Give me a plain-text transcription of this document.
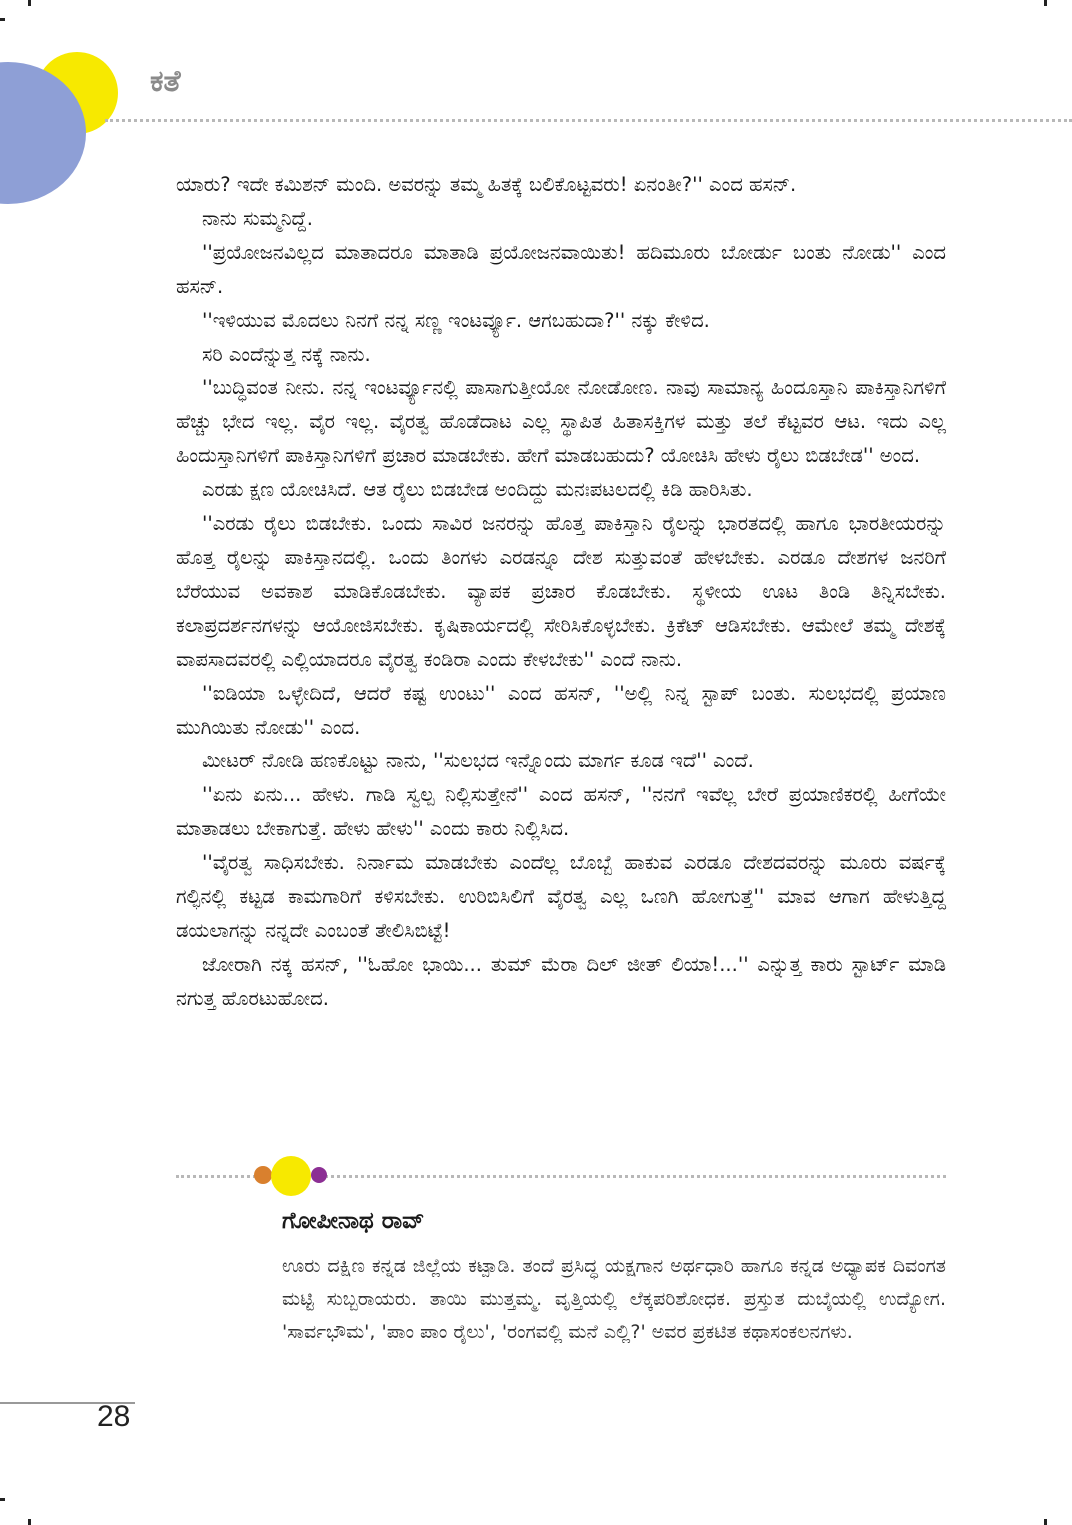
ಕತೆ

ಯಾರು? ಇದೇ ಕಮಿಶನ್ ಮಂದಿ. ಅವರನ್ನು ತಮ್ಮ ಹಿತಕ್ಕೆ ಬಲಿಕೊಟ್ಟವರು! ಏನಂತೀ?'' ಎಂದ ಹಸನ್.

ನಾನು ಸುಮ್ಮನಿದ್ದೆ.

''ಪ್ರಯೋಜನವಿಲ್ಲದ ಮಾತಾದರೂ ಮಾತಾಡಿ ಪ್ರಯೋಜನವಾಯಿತು! ಹದಿಮೂರು ಬೋರ್ಡು ಬಂತು ನೋಡು'' ಎಂದ ಹಸನ್.

''ಇಳಿಯುವ ಮೊದಲು ನಿನಗೆ ನನ್ನ ಸಣ್ಣ ಇಂಟರ್ವ್ಯೂ. ಆಗಬಹುದಾ?'' ನಕ್ಕು ಕೇಳಿದ.

ಸರಿ ಎಂದೆನ್ನುತ್ತ ನಕ್ಕೆ ನಾನು.

''ಬುದ್ಧಿವಂತ ನೀನು. ನನ್ನ ಇಂಟರ್ವ್ಯೂನಲ್ಲಿ ಪಾಸಾಗುತ್ತೀಯೋ ನೋಡೋಣ. ನಾವು ಸಾಮಾನ್ಯ ಹಿಂದೂಸ್ತಾನಿ ಪಾಕಿಸ್ತಾನಿಗಳಿಗೆ ಹೆಚ್ಚು ಭೇದ ಇಲ್ಲ. ವೈರ ಇಲ್ಲ. ವೈರತ್ವ ಹೊಡೆದಾಟ ಎಲ್ಲ ಸ್ಥಾಪಿತ ಹಿತಾಸಕ್ತಿಗಳ ಮತ್ತು ತಲೆ ಕೆಟ್ಟವರ ಆಟ. ಇದು ಎಲ್ಲ ಹಿಂದುಸ್ತಾನಿಗಳಿಗೆ ಪಾಕಿಸ್ತಾನಿಗಳಿಗೆ ಪ್ರಚಾರ ಮಾಡಬೇಕು. ಹೇಗೆ ಮಾಡಬಹುದು? ಯೋಚಿಸಿ ಹೇಳು ರೈಲು ಬಿಡಬೇಡ'' ಅಂದ.

ಎರಡು ಕ್ಷಣ ಯೋಚಿಸಿದೆ. ಆತ ರೈಲು ಬಿಡಬೇಡ ಅಂದಿದ್ದು ಮನಃಪಟಲದಲ್ಲಿ ಕಿಡಿ ಹಾರಿಸಿತು.

''ಎರಡು ರೈಲು ಬಿಡಬೇಕು. ಒಂದು ಸಾವಿರ ಜನರನ್ನು ಹೊತ್ತ ಪಾಕಿಸ್ತಾನಿ ರೈಲನ್ನು ಭಾರತದಲ್ಲಿ ಹಾಗೂ ಭಾರತೀಯರನ್ನು ಹೊತ್ತ ರೈಲನ್ನು ಪಾಕಿಸ್ತಾನದಲ್ಲಿ. ಒಂದು ತಿಂಗಳು ಎರಡನ್ನೂ ದೇಶ ಸುತ್ತುವಂತೆ ಹೇಳಬೇಕು. ಎರಡೂ ದೇಶಗಳ ಜನರಿಗೆ ಬೆರೆಯುವ ಅವಕಾಶ ಮಾಡಿಕೊಡಬೇಕು. ವ್ಯಾಪಕ ಪ್ರಚಾರ ಕೊಡಬೇಕು. ಸ್ಥಳೀಯ ಊಟ ತಿಂಡಿ ತಿನ್ನಿಸಬೇಕು. ಕಲಾಪ್ರದರ್ಶನಗಳನ್ನು ಆಯೋಜಿಸಬೇಕು. ಕೃಷಿಕಾರ್ಯದಲ್ಲಿ ಸೇರಿಸಿಕೊಳ್ಳಬೇಕು. ಕ್ರಿಕೆಟ್ ಆಡಿಸಬೇಕು. ಆಮೇಲೆ ತಮ್ಮ ದೇಶಕ್ಕೆ ವಾಪಸಾದವರಲ್ಲಿ ಎಲ್ಲಿಯಾದರೂ ವೈರತ್ವ ಕಂಡಿರಾ ಎಂದು ಕೇಳಬೇಕು'' ಎಂದೆ ನಾನು.

''ಐಡಿಯಾ ಒಳ್ಳೇದಿದೆ, ಆದರೆ ಕಷ್ಟ ಉಂಟು'' ಎಂದ ಹಸನ್, ''ಅಲ್ಲಿ ನಿನ್ನ ಸ್ಟಾಪ್ ಬಂತು. ಸುಲಭದಲ್ಲಿ ಪ್ರಯಾಣ ಮುಗಿಯಿತು ನೋಡು'' ಎಂದ.

ಮೀಟರ್ ನೋಡಿ ಹಣಕೊಟ್ಟು ನಾನು, ''ಸುಲಭದ ಇನ್ನೊಂದು ಮಾರ್ಗ ಕೂಡ ಇದೆ'' ಎಂದೆ.

''ಏನು ಏನು... ಹೇಳು. ಗಾಡಿ ಸ್ವಲ್ಪ ನಿಲ್ಲಿಸುತ್ತೇನೆ'' ಎಂದ ಹಸನ್, ''ನನಗೆ ಇವೆಲ್ಲ ಬೇರೆ ಪ್ರಯಾಣಿಕರಲ್ಲಿ ಹೀಗೆಯೇ ಮಾತಾಡಲು ಬೇಕಾಗುತ್ತೆ. ಹೇಳು ಹೇಳು'' ಎಂದು ಕಾರು ನಿಲ್ಲಿಸಿದ.

''ವೈರತ್ವ ಸಾಧಿಸಬೇಕು. ನಿರ್ನಾಮ ಮಾಡಬೇಕು ಎಂದೆಲ್ಲ ಬೊಬ್ಬೆ ಹಾಕುವ ಎರಡೂ ದೇಶದವರನ್ನು ಮೂರು ವರ್ಷಕ್ಕೆ ಗಲ್ಫಿನಲ್ಲಿ ಕಟ್ಟಡ ಕಾಮಗಾರಿಗೆ ಕಳಿಸಬೇಕು. ಉರಿಬಿಸಿಲಿಗೆ ವೈರತ್ವ ಎಲ್ಲ ಒಣಗಿ ಹೋಗುತ್ತೆ'' ಮಾವ ಆಗಾಗ ಹೇಳುತ್ತಿದ್ದ ಡಯಲಾಗನ್ನು ನನ್ನದೇ ಎಂಬಂತೆ ತೇಲಿಸಿಬಿಟ್ಟೆ!

ಜೋರಾಗಿ ನಕ್ಕ ಹಸನ್, ''ಓಹೋ ಭಾಯಿ... ತುಮ್ ಮೆರಾ ದಿಲ್ ಜೀತ್ ಲಿಯಾ!...'' ಎನ್ನುತ್ತ ಕಾರು ಸ್ಟಾರ್ಟ್ ಮಾಡಿ ನಗುತ್ತ ಹೊರಟುಹೋದ.

ಗೋಪೀನಾಥ ರಾವ್
ಊರು ದಕ್ಷಿಣ ಕನ್ನಡ ಜಿಲ್ಲೆಯ ಕಟ್ಪಾಡಿ. ತಂದೆ ಪ್ರಸಿದ್ಧ ಯಕ್ಷಗಾನ ಅರ್ಥಧಾರಿ ಹಾಗೂ ಕನ್ನಡ ಅಧ್ಯಾಪಕ ದಿವಂಗತ ಮಟ್ಟಿ ಸುಬ್ಬರಾಯರು. ತಾಯಿ ಮುತ್ತಮ್ಮ. ವೃತ್ತಿಯಲ್ಲಿ ಲೆಕ್ಕಪರಿಶೋಧಕ. ಪ್ರಸ್ತುತ ದುಬೈಯಲ್ಲಿ ಉದ್ಯೋಗ. 'ಸಾರ್ವಭೌಮ', 'ಪಾಂ ಪಾಂ ರೈಲು', 'ರಂಗವಲ್ಲಿ ಮನೆ ಎಲ್ಲಿ?' ಅವರ ಪ್ರಕಟಿತ ಕಥಾಸಂಕಲನಗಳು.
28
